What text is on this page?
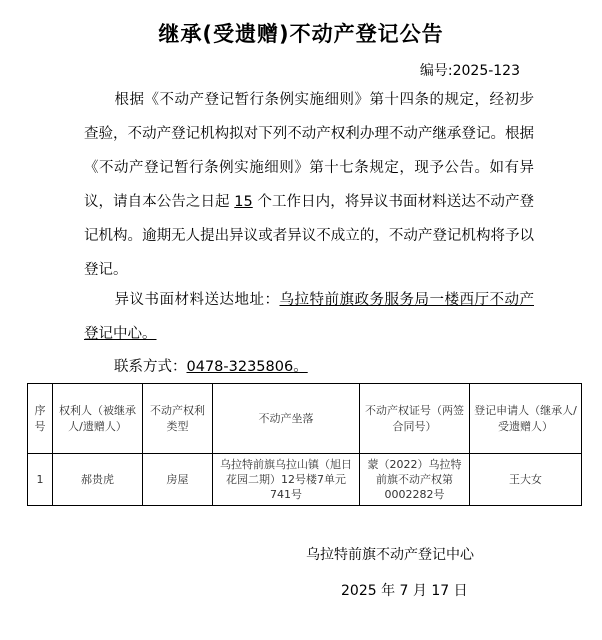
继承(受遗赠)不动产登记公告
编号:2025-123
根据《不动产登记暂行条例实施细则》第十四条的规定，经初步查验，不动产登记机构拟对下列不动产权利办理不动产继承登记。根据《不动产登记暂行条例实施细则》第十七条规定，现予公告。如有异议，请自本公告之日起 15 个工作日内，将异议书面材料送达不动产登记机构。逾期无人提出异议或者异议不成立的，不动产登记机构将予以登记。
异议书面材料送达地址：乌拉特前旗政务服务局一楼西厅不动产登记中心。
联系方式：0478-3235806。
序号	权利人（被继承人/遗赠人）	不动产权利类型	不动产坐落	不动产权证号（两签合同号）	登记申请人（继承人/受遗赠人）
1	郝贵虎	房屋	乌拉特前旗乌拉山镇（旭日花园二期）12号楼7单元741号	蒙（2022）乌拉特前旗不动产权第0002282号	王大女
乌拉特前旗不动产登记中心
2025 年 7 月 17 日
